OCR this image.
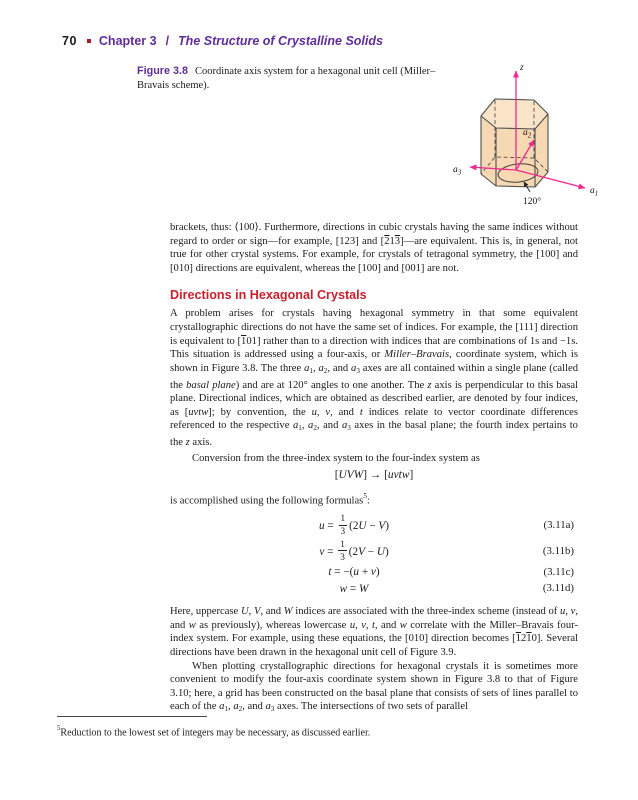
70 Chapter 3 / The Structure of Crystalline Solids
Figure 3.8 Coordinate axis system for a hexagonal unit cell (Miller–Bravais scheme).
z
$a_1$
$a_2$
$a_3$
120°

brackets, thus: ⟨100⟩. Furthermore, directions in cubic crystals having the same indices without regard to order or sign—for example, [123] and [213]—are equivalent. This is, in general, not true for other crystal systems. For example, for crystals of tetragonal symmetry, the [100] and [010] directions are equivalent, whereas the [100] and [001] are not.

Directions in Hexagonal Crystals

A problem arises for crystals having hexagonal symmetry in that some equivalent crystallographic directions do not have the same set of indices. For example, the [111] direction is equivalent to [101] rather than to a direction with indices that are combinations of 1s and −1s. This situation is addressed using a four-axis, or Miller–Bravais, coordinate system, which is shown in Figure 3.8. The three $a_1$, $a_2$, and $a_3$ axes are all contained within a single plane (called the basal plane) and are at 120° angles to one another. The z axis is perpendicular to this basal plane. Directional indices, which are obtained as described earlier, are denoted by four indices, as [uvtw]; by convention, the u, v, and t indices relate to vector coordinate differences referenced to the respective $a_1$, $a_2$, and $a_3$ axes in the basal plane; the fourth index pertains to the z axis.

Conversion from the three-index system to the four-index system as

[UVW] → [uvtw]

is accomplished using the following formulas$^5$:

$u = \frac{1}{3} (2U - V)$	(3.11a)
$v = \frac{1}{3} (2V - U)$	(3.11b)
t = −(u + v)	(3.11c)
w = W	(3.11d)

Here, uppercase U, V, and W indices are associated with the three-index scheme (instead of u, v, and w as previously), whereas lowercase u, v, t, and w correlate with the Miller–Bravais four-index system. For example, using these equations, the [010] direction becomes [1210]. Several directions have been drawn in the hexagonal unit cell of Figure 3.9.

When plotting crystallographic directions for hexagonal crystals it is sometimes more convenient to modify the four-axis coordinate system shown in Figure 3.8 to that of Figure 3.10; here, a grid has been constructed on the basal plane that consists of sets of lines parallel to each of the $a_1$, $a_2$, and $a_3$ axes. The intersections of two sets of parallel

$^5$Reduction to the lowest set of integers may be necessary, as discussed earlier.
